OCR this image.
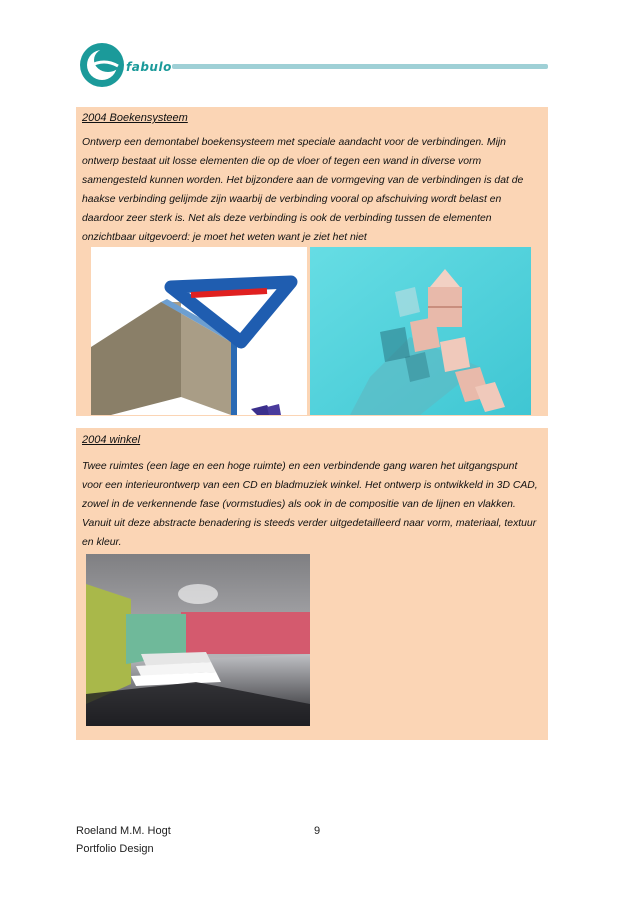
fabulo

2004 Boekensysteem

Ontwerp een demontabel boekensysteem met speciale aandacht voor de verbindingen. Mijn ontwerp bestaat uit losse elementen die op de vloer of tegen een wand in diverse vorm samengesteld kunnen worden. Het bijzondere aan de vormgeving van de verbindingen is dat de haakse verbinding gelijmde zijn waarbij de verbinding vooral op afschuiving wordt belast en daardoor zeer sterk is. Net als deze verbinding is ook de verbinding tussen de elementen onzichtbaar uitgevoerd: je moet het weten want je ziet het niet

2004 winkel

Twee ruimtes (een lage en een hoge ruimte) en een verbindende gang waren het uitgangspunt voor een interieurontwerp van een CD en bladmuziek winkel. Het ontwerp is ontwikkeld in 3D CAD, zowel in de verkennende fase (vormstudies) als ook in de compositie van de lijnen en vlakken. Vanuit uit deze abstracte benadering is steeds verder uitgedetailleerd naar vorm, materiaal, textuur en kleur.

Roeland M.M. Hogt
Portfolio Design
9
